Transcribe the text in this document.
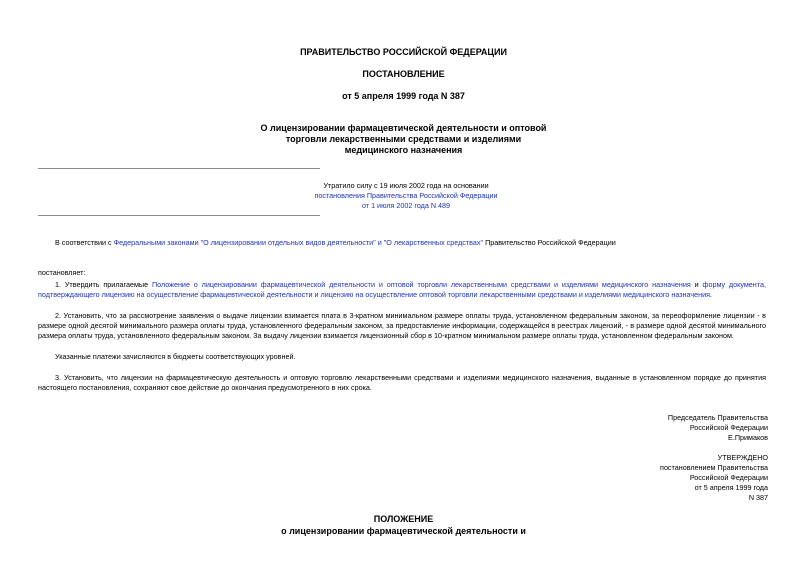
ПРАВИТЕЛЬСТВО РОССИЙСКОЙ ФЕДЕРАЦИИ
ПОСТАНОВЛЕНИЕ
от 5 апреля 1999 года N 387
О лицензировании фармацевтической деятельности и оптовой
торговли лекарственными средствами и изделиями
медицинского назначения
Утратило силу с 19 июля 2002 года на основании
постановления Правительства Российской Федерации
от 1 июля 2002 года N 489
В соответствии с Федеральными законами "О лицензировании отдельных видов деятельности" и "О лекарственных средствах" Правительство Российской Федерации
постановляет:
1. Утвердить прилагаемые Положение о лицензировании фармацевтической деятельности и оптовой торговли лекарственными средствами и изделиями медицинского назначения и форму документа, подтверждающего лицензию на осуществление фармацевтической деятельности и лицензию на осуществление оптовой торговли лекарственными средствами и изделиями медицинского назначения.
2. Установить, что за рассмотрение заявления о выдаче лицензии взимается плата в 3-кратном минимальном размере оплаты труда, установленном федеральным законом, за переоформление лицензии - в размере одной десятой минимального размера оплаты труда, установленного федеральным законом, за предоставление информации, содержащейся в реестрах лицензий, - в размере одной десятой минимального размера оплаты труда, установленного федеральным законом. За выдачу лицензии взимается лицензионный сбор в 10-кратном минимальном размере оплаты труда, установленном федеральным законом.
Указанные платежи зачисляются в бюджеты соответствующих уровней.
3. Установить, что лицензии на фармацевтическую деятельность и оптовую торговлю лекарственными средствами и изделиями медицинского назначения, выданные в установленном порядке до принятия настоящего постановления, сохраняют свое действие до окончания предусмотренного в них срока.
Председатель Правительства
Российской Федерации
Е.Примаков
УТВЕРЖДЕНО
постановлением Правительства
Российской Федерации
от 5 апреля 1999 года
N 387
ПОЛОЖЕНИЕ
о лицензировании фармацевтической деятельности и
